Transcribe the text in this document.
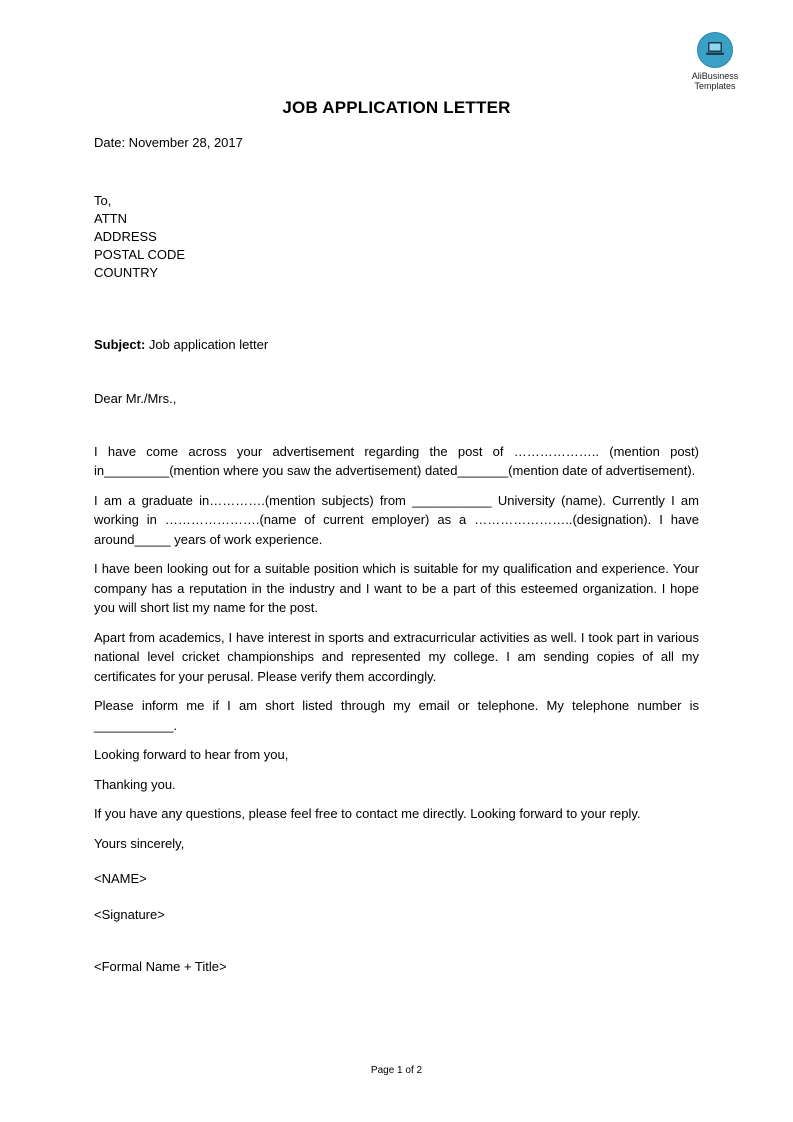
AliBusiness
Templates
JOB APPLICATION LETTER
Date: November 28, 2017
To,
ATTN
ADDRESS
POSTAL CODE
COUNTRY
Subject: Job application letter
Dear Mr./Mrs.,

I have come across your advertisement regarding the post of ……………….. (mention post) in_________(mention where you saw the advertisement) dated_______(mention date of advertisement).

I am a graduate in………….(mention subjects) from ___________ University (name). Currently I am working in ………………….(name of current employer) as a …………………..(designation). I have around_____ years of work experience.

I have been looking out for a suitable position which is suitable for my qualification and experience. Your company has a reputation in the industry and I want to be a part of this esteemed organization. I hope you will short list my name for the post.

Apart from academics, I have interest in sports and extracurricular activities as well. I took part in various national level cricket championships and represented my college. I am sending copies of all my certificates for your perusal. Please verify them accordingly.

Please inform me if I am short listed through my email or telephone. My telephone number is ___________.

Looking forward to hear from you,
Thanking you.
If you have any questions, please feel free to contact me directly. Looking forward to your reply.
Yours sincerely,
<NAME>
<Signature>
<Formal Name + Title>
Page 1 of 2
